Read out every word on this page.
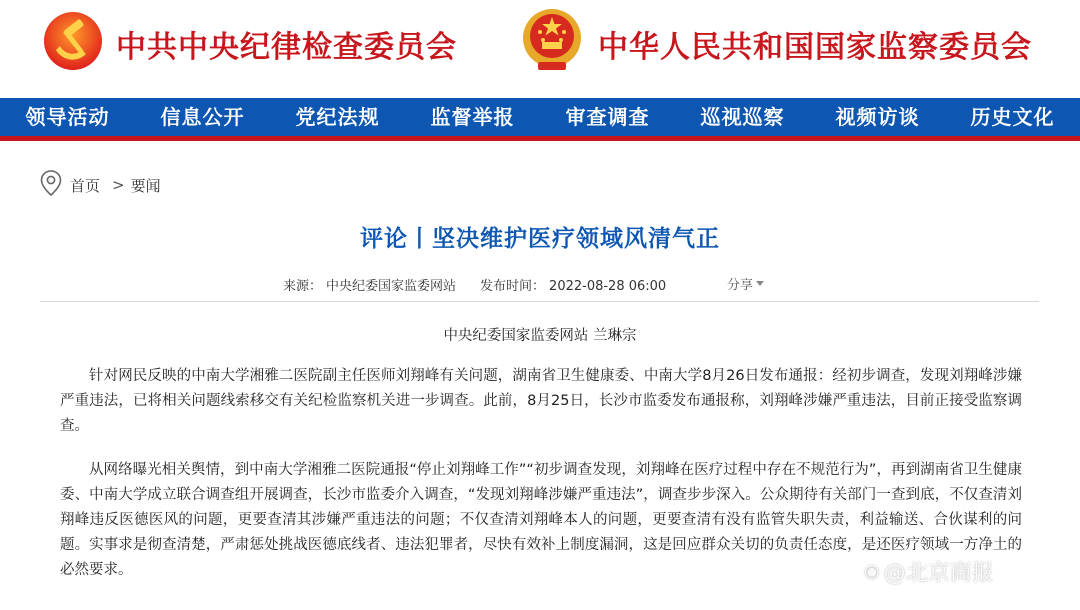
中共中央纪律检查委员会	中华人民共和国国家监察委员会
领导活动	信息公开	党纪法规	监督举报	审查调查	巡视巡察	视频访谈	历史文化
首页 > 要闻
评论丨坚决维护医疗领域风清气正
来源： 中央纪委国家监委网站 发布时间： 2022-08-28 06:00	分享
中央纪委国家监委网站 兰琳宗

针对网民反映的中南大学湘雅二医院副主任医师刘翔峰有关问题，湖南省卫生健康委、中南大学8月26日发布通报：经初步调查，发现刘翔峰涉嫌严重违法，已将相关问题线索移交有关纪检监察机关进一步调查。此前，8月25日，长沙市监委发布通报称，刘翔峰涉嫌严重违法，目前正接受监察调查。

从网络曝光相关舆情，到中南大学湘雅二医院通报“停止刘翔峰工作”“初步调查发现，刘翔峰在医疗过程中存在不规范行为”，再到湖南省卫生健康委、中南大学成立联合调查组开展调查，长沙市监委介入调查，“发现刘翔峰涉嫌严重违法”，调查步步深入。公众期待有关部门一查到底，不仅查清刘翔峰违反医德医风的问题，更要查清其涉嫌严重违法的问题；不仅查清刘翔峰本人的问题，更要查清有没有监管失职失责，利益输送、合伙谋利的问题。实事求是彻查清楚，严肃惩处挑战医德底线者、违法犯罪者，尽快有效补上制度漏洞，这是回应群众关切的负责任态度，是还医疗领域一方净土的必然要求。	◉ @北京商报
